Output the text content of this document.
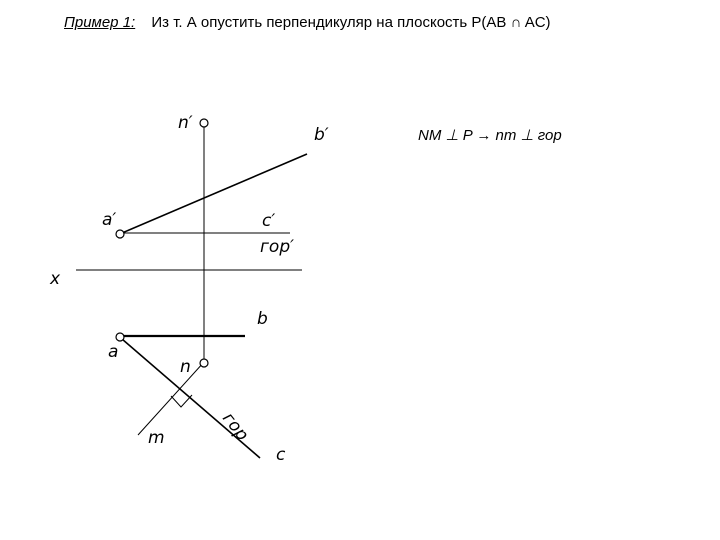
Пример 1: Из т. А опустить перпендикуляр на плоскость P(AB ∩ AC)
NM ⊥ P → nm ⊥ гор
n′
b′
a′	c′
гор′
x
b
a
n
m	гор
c
